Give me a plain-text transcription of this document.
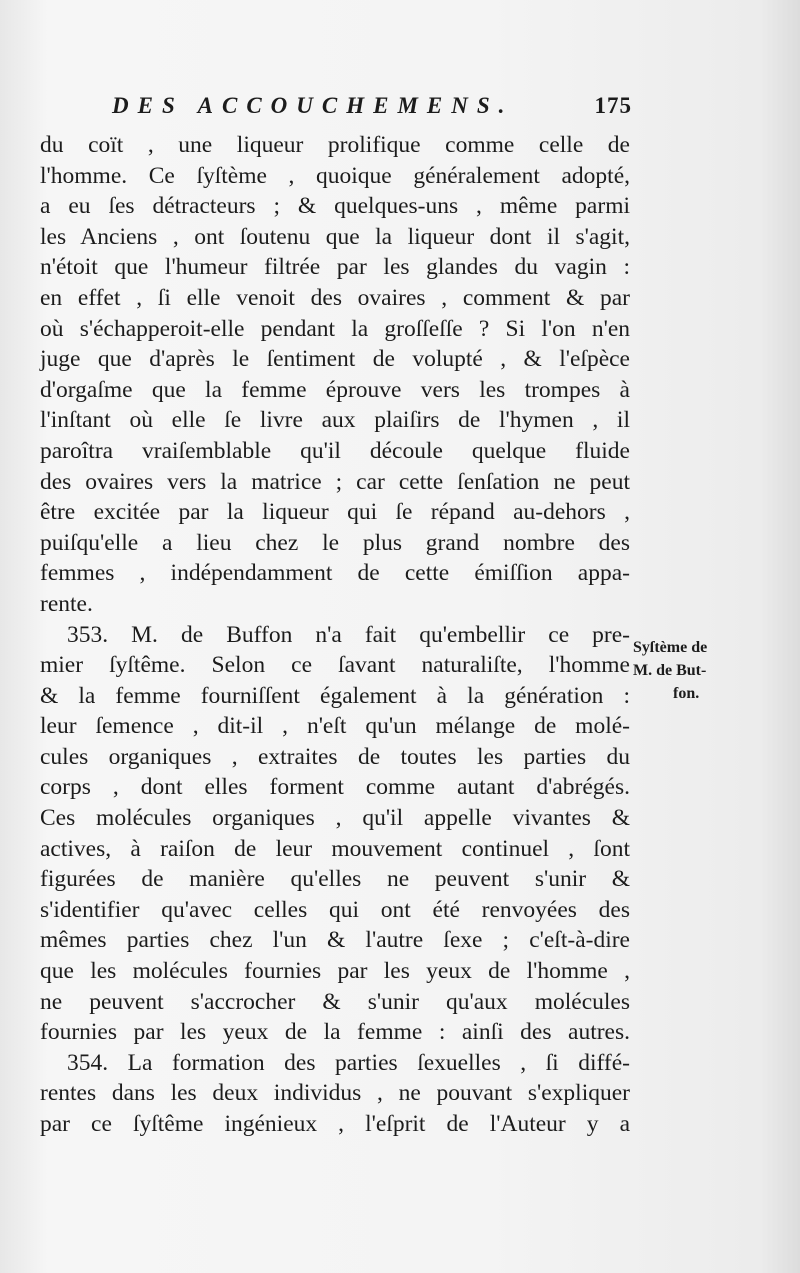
DES ACCOUCHEMENS.	175
du coït , une liqueur prolifique comme celle de
l'homme. Ce ſyſtème , quoique généralement adopté,
a eu ſes détracteurs ; & quelques-uns , même parmi
les Anciens , ont ſoutenu que la liqueur dont il s'agit,
n'étoit que l'humeur filtrée par les glandes du vagin :
en effet , ſi elle venoit des ovaires , comment & par
où s'échapperoit-elle pendant la groſſeſſe ? Si l'on n'en
juge que d'après le ſentiment de volupté , & l'eſpèce
d'orgaſme que la femme éprouve vers les trompes à
l'inſtant où elle ſe livre aux plaiſirs de l'hymen , il
paroîtra vraiſemblable qu'il découle quelque fluide
des ovaires vers la matrice ; car cette ſenſation ne peut
être excitée par la liqueur qui ſe répand au-dehors ,
puiſqu'elle a lieu chez le plus grand nombre des
femmes , indépendamment de cette émiſſion appa-
rente.
353. M. de Buffon n'a fait qu'embellir ce pre-
mier ſyſtême. Selon ce ſavant naturaliſte, l'homme
& la femme fourniſſent également à la génération :
leur ſemence , dit-il , n'eſt qu'un mélange de molé-
cules organiques , extraites de toutes les parties du
corps , dont elles forment comme autant d'abrégés.
Ces molécules organiques , qu'il appelle vivantes &
actives, à raiſon de leur mouvement continuel , ſont
figurées de manière qu'elles ne peuvent s'unir &
s'identifier qu'avec celles qui ont été renvoyées des
mêmes parties chez l'un & l'autre ſexe ; c'eſt-à-dire
que les molécules fournies par les yeux de l'homme ,
ne peuvent s'accrocher & s'unir qu'aux molécules
fournies par les yeux de la femme : ainſi des autres.
354. La formation des parties ſexuelles , ſi diffé-
rentes dans les deux individus , ne pouvant s'expliquer
par ce ſyſtême ingénieux , l'eſprit de l'Auteur y a
Syſtème de
M. de But-
fon.
